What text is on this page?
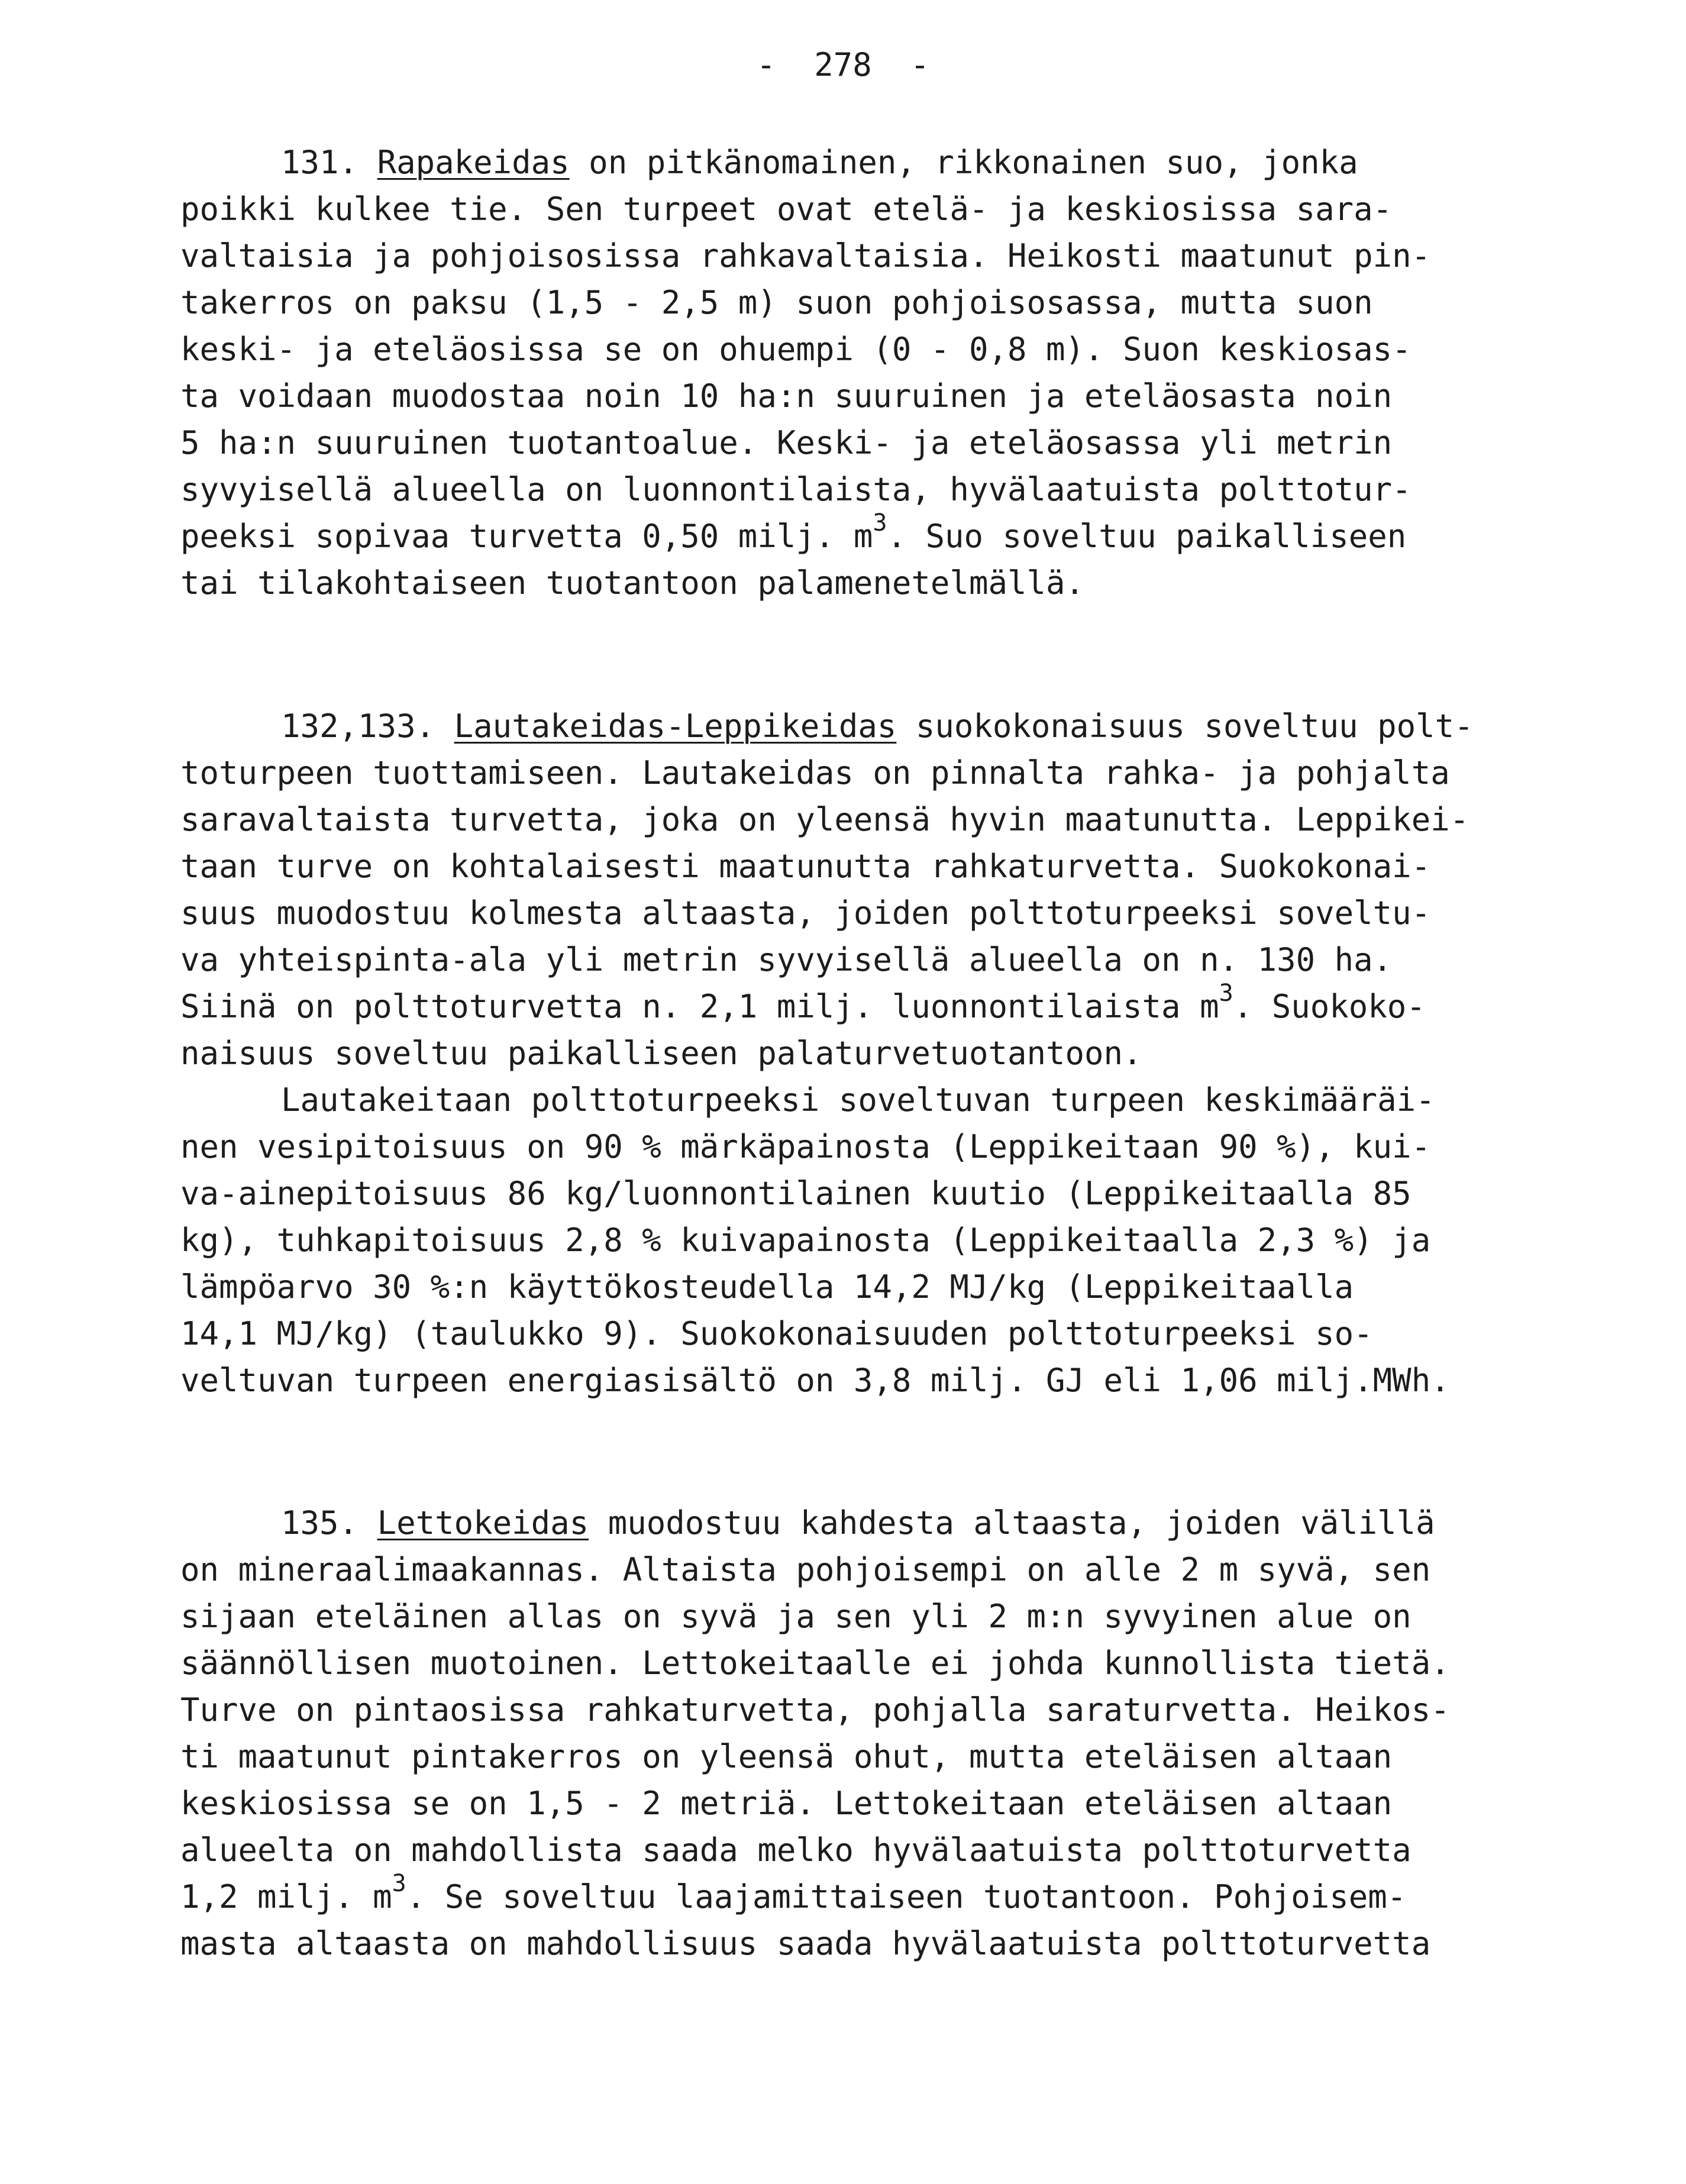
-  278  -
131. Rapakeidas on pitkänomainen, rikkonainen suo, jonka
poikki kulkee tie. Sen turpeet ovat etelä- ja keskiosissa sara-
valtaisia ja pohjoisosissa rahkavaltaisia. Heikosti maatunut pin-
takerros on paksu (1,5 - 2,5 m) suon pohjoisosassa, mutta suon
keski- ja eteläosissa se on ohuempi (0 - 0,8 m). Suon keskiosas-
ta voidaan muodostaa noin 10 ha:n suuruinen ja eteläosasta noin
5 ha:n suuruinen tuotantoalue. Keski- ja eteläosassa yli metrin
syvyisellä alueella on luonnontilaista, hyvälaatuista polttotur-
peeksi sopivaa turvetta 0,50 milj. $m^3$. Suo soveltuu paikalliseen
tai tilakohtaiseen tuotantoon palamenetelmällä.
132,133. Lautakeidas-Leppikeidas suokokonaisuus soveltuu polt-
toturpeen tuottamiseen. Lautakeidas on pinnalta rahka- ja pohjalta
saravaltaista turvetta, joka on yleensä hyvin maatunutta. Leppikei-
taan turve on kohtalaisesti maatunutta rahkaturvetta. Suokokonai-
suus muodostuu kolmesta altaasta, joiden polttoturpeeksi soveltu-
va yhteispinta-ala yli metrin syvyisellä alueella on n. 130 ha.
Siinä on polttoturvetta n. 2,1 milj. luonnontilaista $m^3$. Suokoko-
naisuus soveltuu paikalliseen palaturvetuotantoon.
Lautakeitaan polttoturpeeksi soveltuvan turpeen keskimääräi-
nen vesipitoisuus on 90 % märkäpainosta (Leppikeitaan 90 %), kui-
va-ainepitoisuus 86 kg/luonnontilainen kuutio (Leppikeitaalla 85
kg), tuhkapitoisuus 2,8 % kuivapainosta (Leppikeitaalla 2,3 %) ja
lämpöarvo 30 %:n käyttökosteudella 14,2 MJ/kg (Leppikeitaalla
14,1 MJ/kg) (taulukko 9). Suokokonaisuuden polttoturpeeksi so-
veltuvan turpeen energiasisältö on 3,8 milj. GJ eli 1,06 milj.MWh.
135. Lettokeidas muodostuu kahdesta altaasta, joiden välillä
on mineraalimaakannas. Altaista pohjoisempi on alle 2 m syvä, sen
sijaan eteläinen allas on syvä ja sen yli 2 m:n syvyinen alue on
säännöllisen muotoinen. Lettokeitaalle ei johda kunnollista tietä.
Turve on pintaosissa rahkaturvetta, pohjalla saraturvetta. Heikos-
ti maatunut pintakerros on yleensä ohut, mutta eteläisen altaan
keskiosissa se on 1,5 - 2 metriä. Lettokeitaan eteläisen altaan
alueelta on mahdollista saada melko hyvälaatuista polttoturvetta
1,2 milj. $m^3$. Se soveltuu laajamittaiseen tuotantoon. Pohjoisem-
masta altaasta on mahdollisuus saada hyvälaatuista polttoturvetta
